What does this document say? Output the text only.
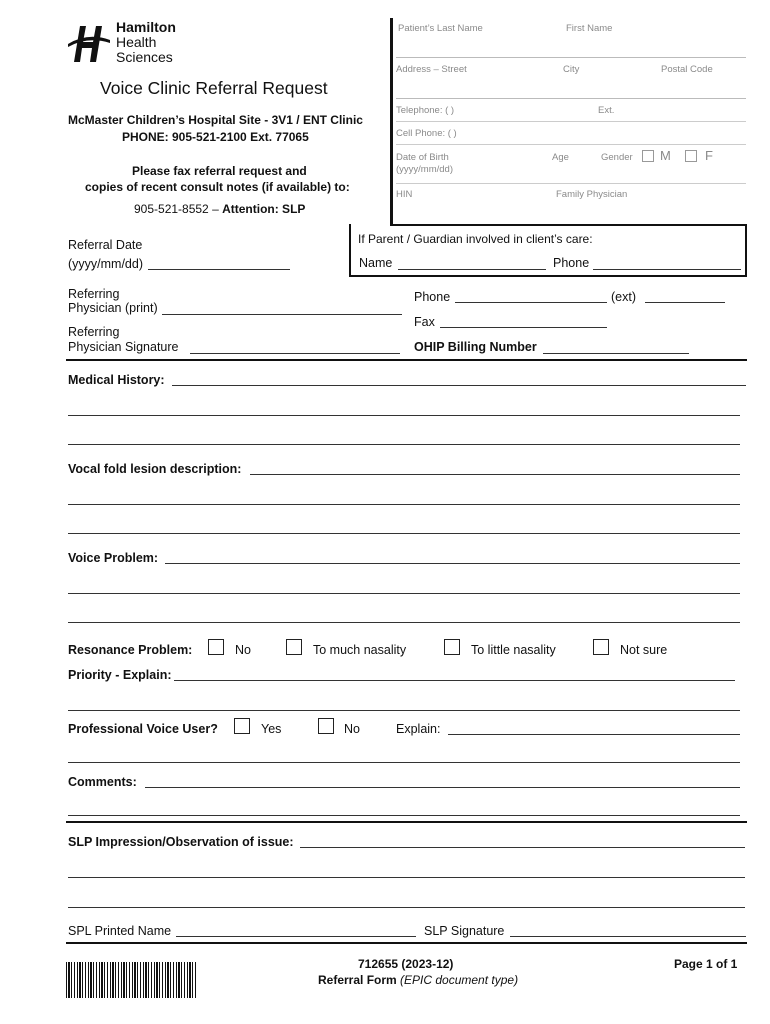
Hamilton
Health
Sciences
Voice Clinic Referral Request
McMaster Children’s Hospital Site - 3V1 / ENT Clinic
PHONE: 905-521-2100 Ext. 77065
Please fax referral request and
copies of recent consult notes (if available) to:
905-521-8552 – Attention: SLP
Patient’s Last Name	First Name
Address – Street	City	Postal Code
Telephone: ( )	Ext.
Cell Phone: ( )
Date of Birth
(yyyy/mm/dd)
Age	Gender M	F
HIN	Family Physician
If Parent / Guardian involved in client’s care:
Name	Phone
Referral Date
(yyyy/mm/dd)
Referring
Physician (print)
Phone	(ext)
Fax
Referring
Physician Signature	OHIP Billing Number
Medical History:
Vocal fold lesion description:
Voice Problem:
Resonance Problem:	No	To much nasality	To little nasality	Not sure
Priority - Explain:
Professional Voice User?	Yes	No	Explain:
Comments:
SLP Impression/Observation of issue:
SPL Printed Name	SLP Signature
712655 (2023-12)
Referral Form (EPIC document type)
Page 1 of 1
